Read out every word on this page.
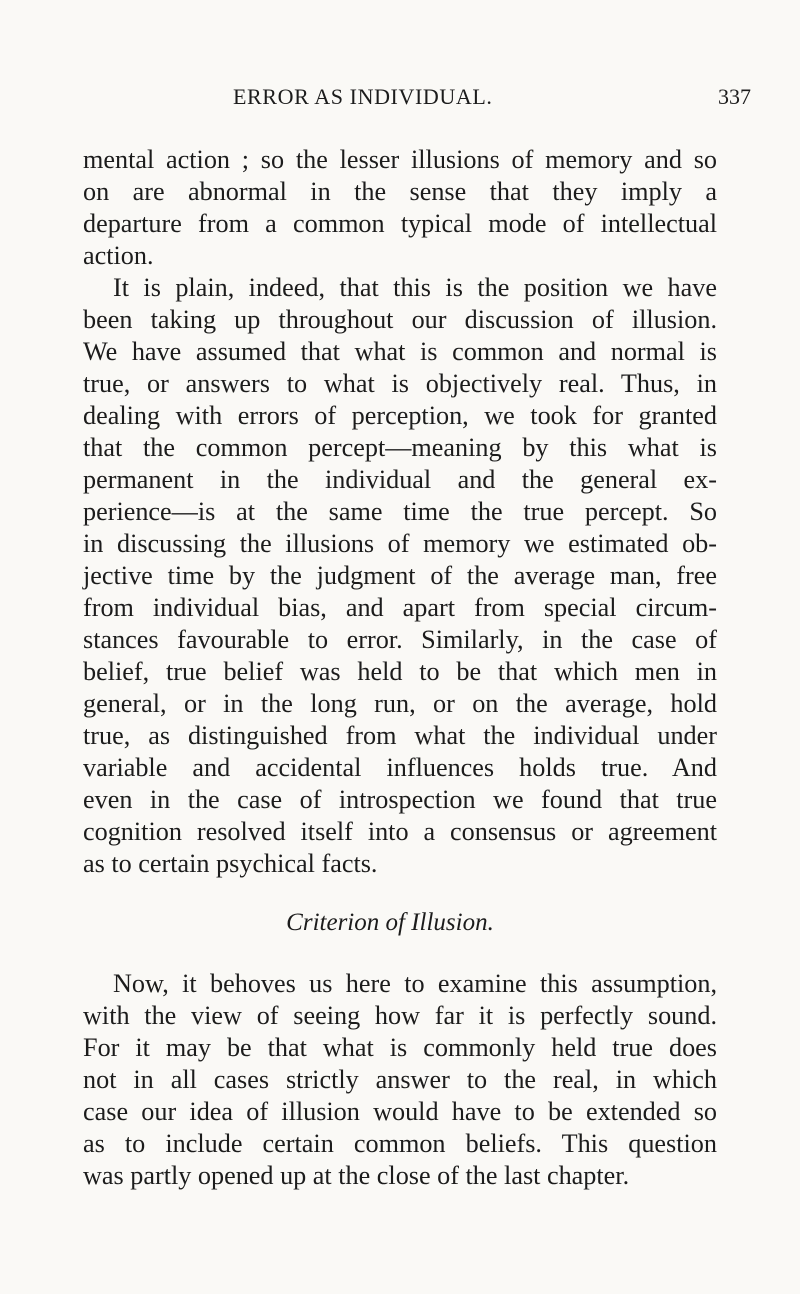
ERROR AS INDIVIDUAL.	337
mental action ; so the lesser illusions of memory and so
on are abnormal in the sense that they imply a
departure from a common typical mode of intellectual
action.
It is plain, indeed, that this is the position we have
been taking up throughout our discussion of illusion.
We have assumed that what is common and normal is
true, or answers to what is objectively real. Thus, in
dealing with errors of perception, we took for granted
that the common percept—meaning by this what is
permanent in the individual and the general ex-
perience—is at the same time the true percept. So
in discussing the illusions of memory we estimated ob-
jective time by the judgment of the average man, free
from individual bias, and apart from special circum-
stances favourable to error. Similarly, in the case of
belief, true belief was held to be that which men in
general, or in the long run, or on the average, hold
true, as distinguished from what the individual under
variable and accidental influences holds true. And
even in the case of introspection we found that true
cognition resolved itself into a consensus or agreement
as to certain psychical facts.
Criterion of Illusion.
Now, it behoves us here to examine this assumption,
with the view of seeing how far it is perfectly sound.
For it may be that what is commonly held true does
not in all cases strictly answer to the real, in which
case our idea of illusion would have to be extended so
as to include certain common beliefs. This question
was partly opened up at the close of the last chapter.
